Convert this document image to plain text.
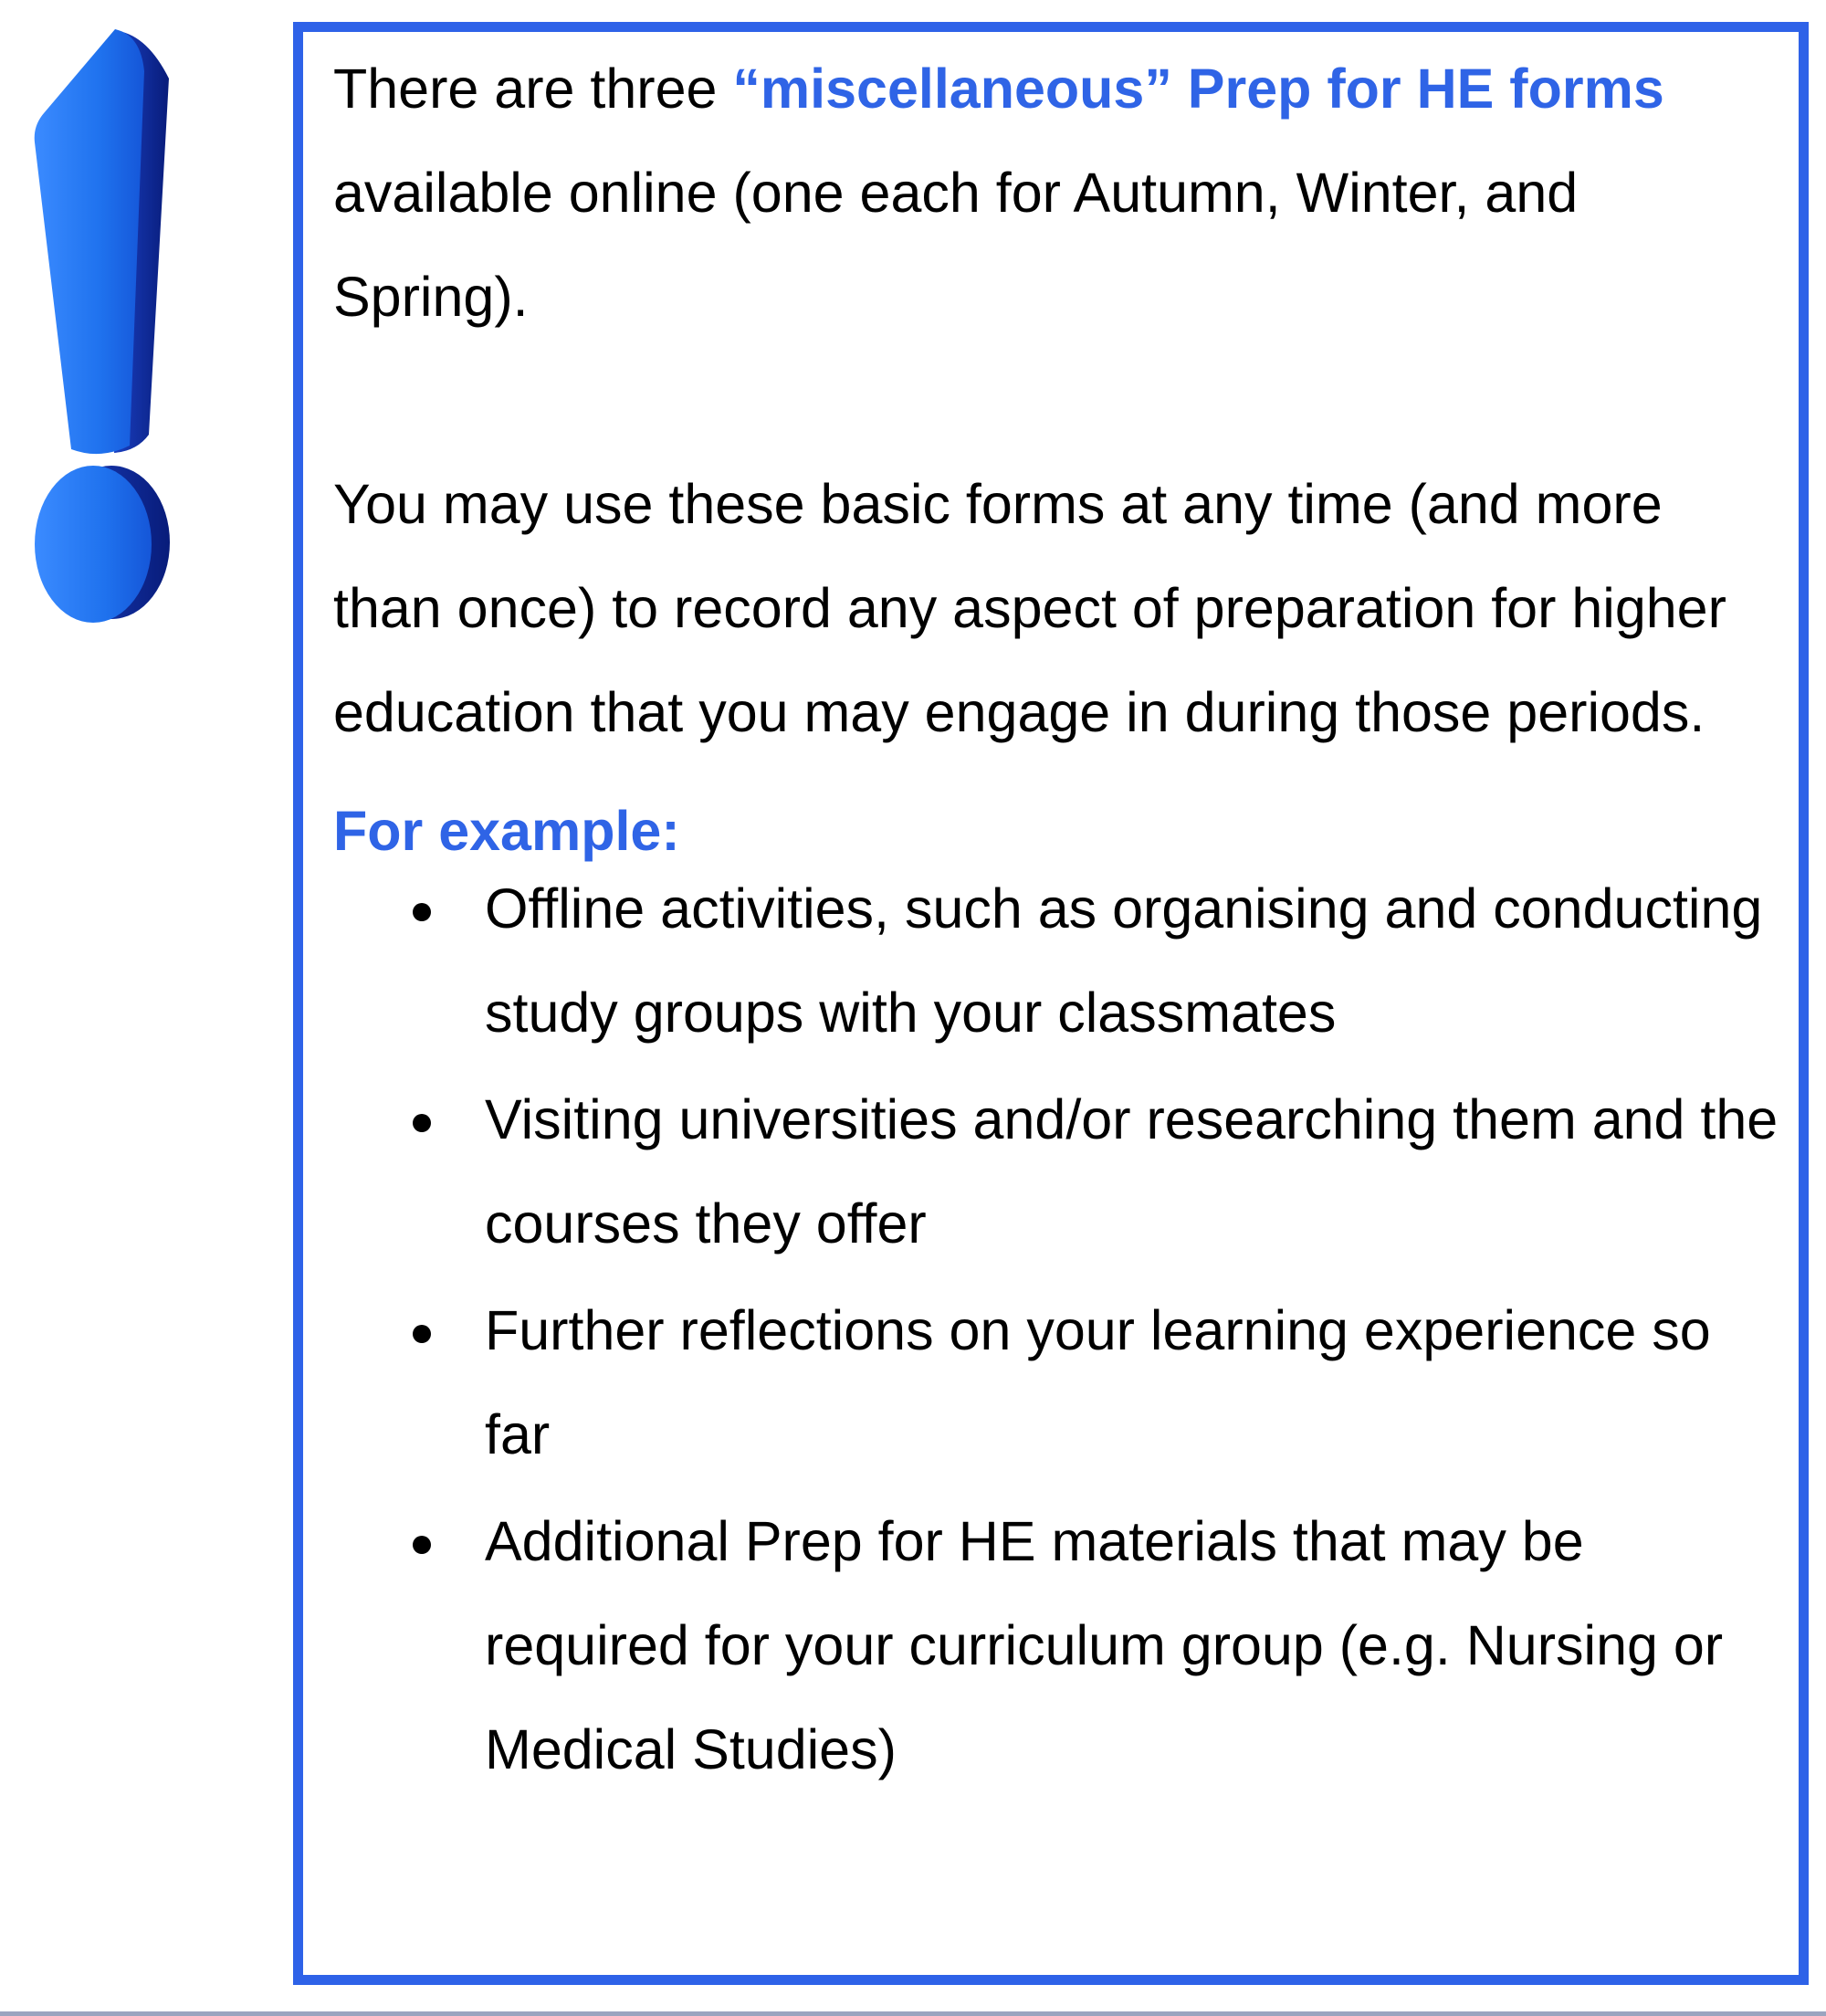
There are three “miscellaneous” Prep for HE forms available online (one each for Autumn, Winter, and Spring).

You may use these basic forms at any time (and more than once) to record any aspect of preparation for higher education that you may engage in during those periods.

For example:

Offline activities, such as organising and conducting study groups with your classmates
Visiting universities and/or researching them and the courses they offer
Further reflections on your learning experience so far
Additional Prep for HE materials that may be required for your curriculum group (e.g. Nursing or Medical Studies)
